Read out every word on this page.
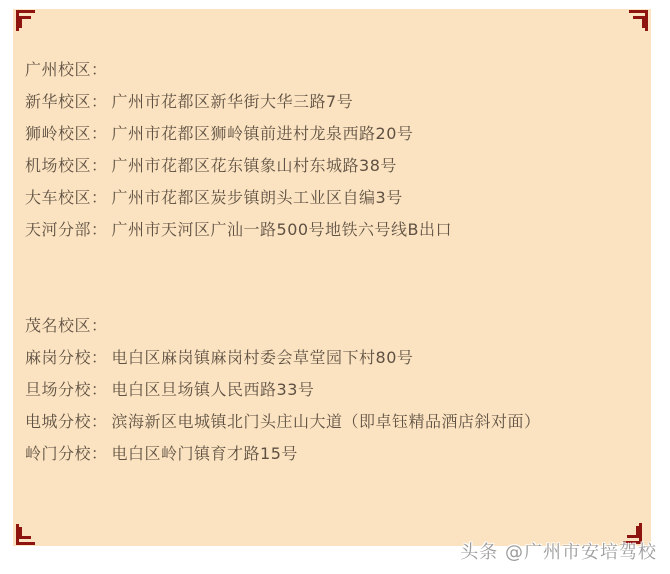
广州校区：
新华校区： 广州市花都区新华街大华三路7号
狮岭校区： 广州市花都区狮岭镇前进村龙泉西路20号
机场校区： 广州市花都区花东镇象山村东城路38号
大车校区： 广州市花都区炭步镇朗头工业区自编3号
天河分部： 广州市天河区广汕一路500号地铁六号线B出口
茂名校区：
麻岗分校： 电白区麻岗镇麻岗村委会草堂园下村80号
旦场分校： 电白区旦场镇人民西路33号
电城分校： 滨海新区电城镇北门头庄山大道（即卓钰精品酒店斜对面）
岭门分校： 电白区岭门镇育才路15号
头条 @广州市安培驾校
